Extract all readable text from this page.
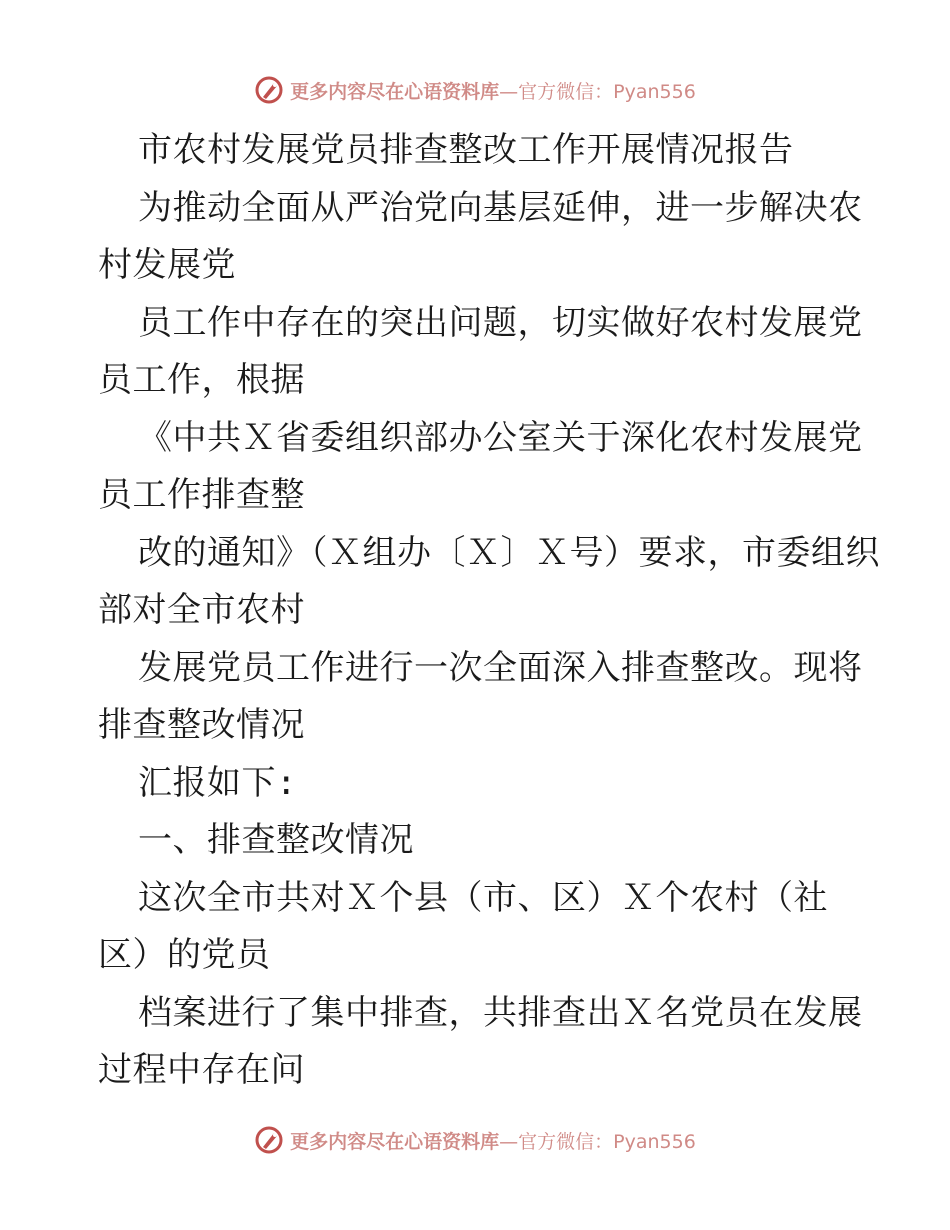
更多内容尽在心语资料库 —官方微信：Pyan556
市农村发展党员排查整改工作开展情况报告
为推动全面从严治党向基层延伸，进一步解决农
村发展党
员工作中存在的突出问题，切实做好农村发展党
员工作，根据
《中共Ｘ省委组织部办公室关于深化农村发展党
员工作排查整
改的通知》（Ｘ组办〔Ｘ〕Ｘ号）要求，市委组织
部对全市农村
发展党员工作进行一次全面深入排查整改。现将
排查整改情况
汇报如下:
一、排查整改情况
这次全市共对Ｘ个县（市、区）Ｘ个农村（社
区）的党员
档案进行了集中排查，共排查出Ｘ名党员在发展
过程中存在问
更多内容尽在心语资料库 —官方微信：Pyan556
